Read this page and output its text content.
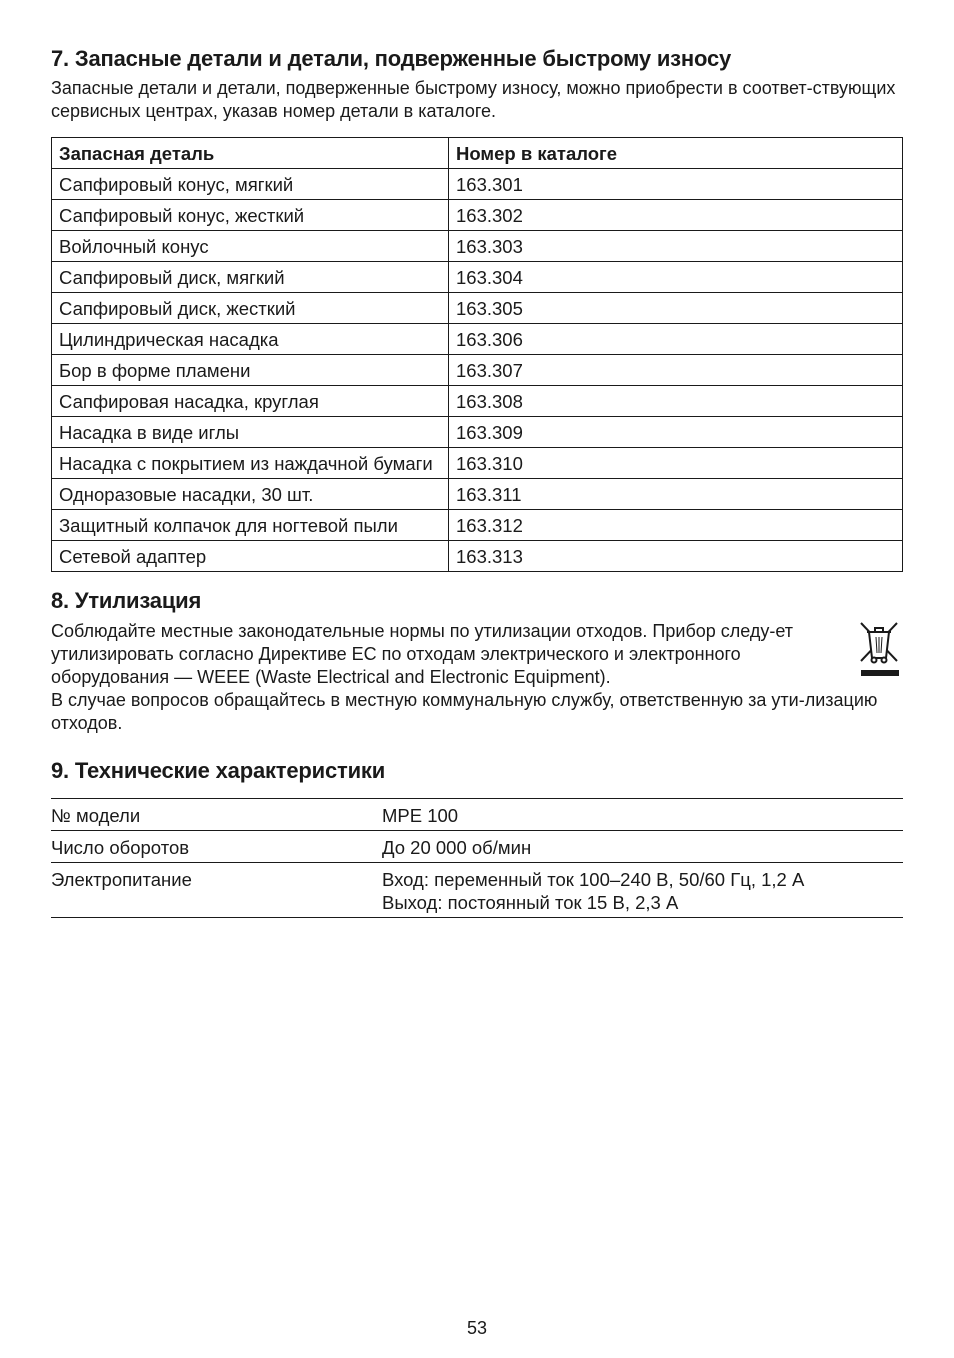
7. Запасные детали и детали, подверженные быстрому износу

Запасные детали и детали, подверженные быстрому износу, можно приобрести в соответ-ствующих сервисных центрах, указав номер детали в каталоге.

Запасная деталь	Номер в каталоге
Сапфировый конус, мягкий	163.301
Сапфировый конус, жесткий	163.302
Войлочный конус	163.303
Сапфировый диск, мягкий	163.304
Сапфировый диск, жесткий	163.305
Цилиндрическая насадка	163.306
Бор в форме пламени	163.307
Сапфировая насадка, круглая	163.308
Насадка в виде иглы	163.309
Насадка с покрытием из наждачной бумаги	163.310
Одноразовые насадки, 30 шт.	163.311
Защитный колпачок для ногтевой пыли	163.312
Сетевой адаптер	163.313
8. Утилизация

Соблюдайте местные законодательные нормы по утилизации отходов. Прибор следу-ет утилизировать согласно Директиве ЕС по отходам электрического и электронного оборудования — WEEE (Waste Electrical and Electronic Equipment).

В случае вопросов обращайтесь в местную коммунальную службу, ответственную за ути-лизацию отходов.

9. Технические характеристики
№ модели	MPE 100

Число оборотов	До 20 000 об/мин

Электропитание	Вход: переменный ток 100–240 В, 50/60 Гц, 1,2 А
Выход: постоянный ток 15 В, 2,3 А
53
